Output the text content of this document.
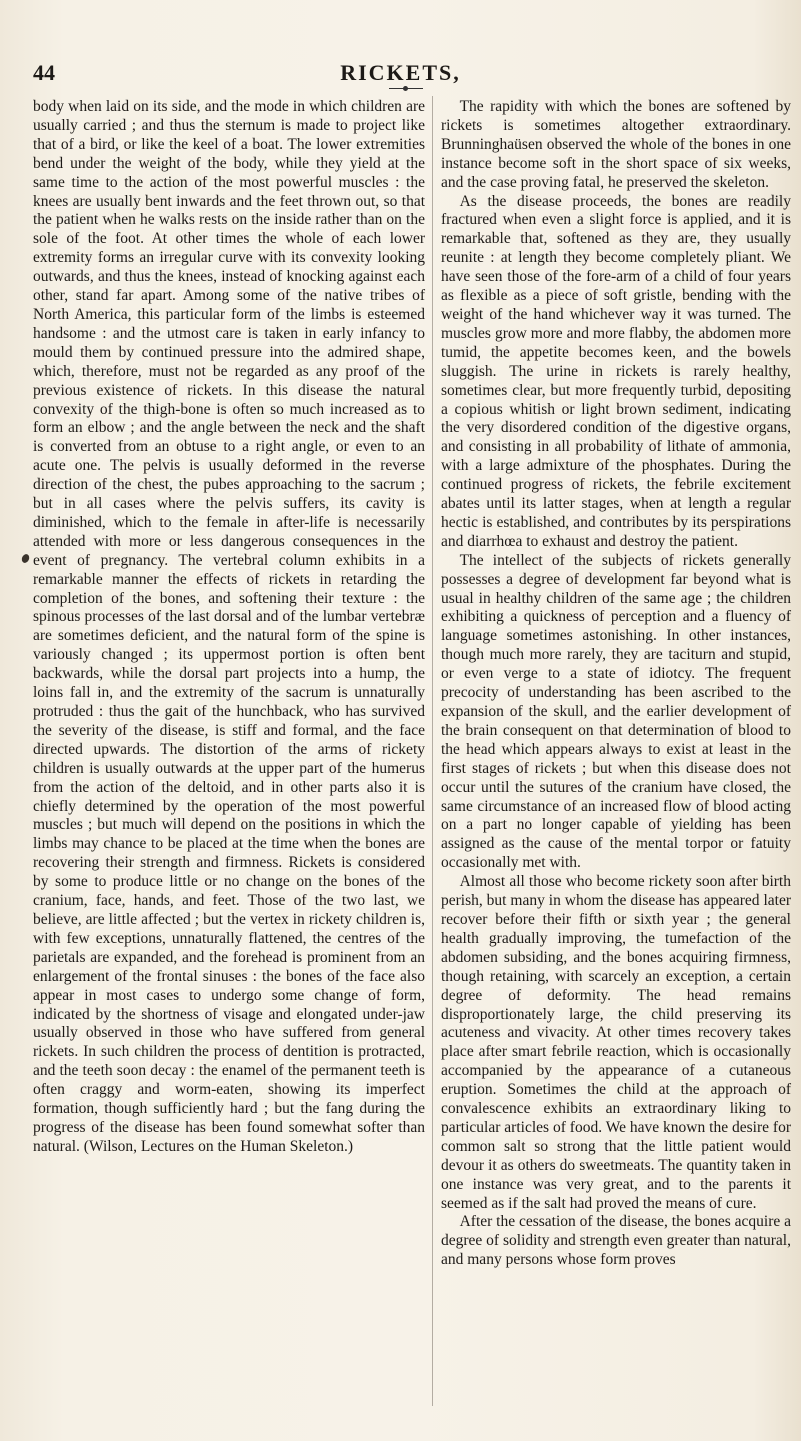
44	RICKETS,

body when laid on its side, and the mode in which children are usually carried ; and thus the sternum is made to project like that of a bird, or like the keel of a boat. The lower extremities bend under the weight of the body, while they yield at the same time to the action of the most powerful muscles : the knees are usually bent inwards and the feet thrown out, so that the patient when he walks rests on the inside rather than on the sole of the foot. At other times the whole of each lower extremity forms an irregular curve with its convexity looking outwards, and thus the knees, instead of knocking against each other, stand far apart. Among some of the native tribes of North America, this particular form of the limbs is esteemed handsome : and the utmost care is taken in early infancy to mould them by continued pressure into the admired shape, which, therefore, must not be regarded as any proof of the previous existence of rickets. In this disease the natural convexity of the thigh-bone is often so much increased as to form an elbow ; and the angle between the neck and the shaft is converted from an obtuse to a right angle, or even to an acute one. The pelvis is usually deformed in the reverse direction of the chest, the pubes approaching to the sacrum ; but in all cases where the pelvis suffers, its cavity is diminished, which to the female in after-life is necessarily attended with more or less dangerous consequences in the event of pregnancy. The vertebral column exhibits in a remarkable manner the effects of rickets in retarding the completion of the bones, and softening their texture : the spinous processes of the last dorsal and of the lumbar vertebræ are sometimes deficient, and the natural form of the spine is variously changed ; its uppermost portion is often bent backwards, while the dorsal part projects into a hump, the loins fall in, and the extremity of the sacrum is unnaturally protruded : thus the gait of the hunchback, who has survived the severity of the disease, is stiff and formal, and the face directed upwards. The distortion of the arms of rickety children is usually outwards at the upper part of the humerus from the action of the deltoid, and in other parts also it is chiefly determined by the operation of the most powerful muscles ; but much will depend on the positions in which the limbs may chance to be placed at the time when the bones are recovering their strength and firmness. Rickets is considered by some to produce little or no change on the bones of the cranium, face, hands, and feet. Those of the two last, we believe, are little affected ; but the vertex in rickety children is, with few exceptions, unnaturally flattened, the centres of the parietals are expanded, and the forehead is prominent from an enlargement of the frontal sinuses : the bones of the face also appear in most cases to undergo some change of form, indicated by the shortness of visage and elongated under-jaw usually observed in those who have suffered from general rickets. In such children the process of dentition is protracted, and the teeth soon decay : the enamel of the permanent teeth is often craggy and worm-eaten, showing its imperfect formation, though sufficiently hard ; but the fang during the progress of the disease has been found somewhat softer than natural. (Wilson, Lectures on the Human Skeleton.)

The rapidity with which the bones are softened by rickets is sometimes altogether extraordinary. Brunninghaüsen observed the whole of the bones in one instance become soft in the short space of six weeks, and the case proving fatal, he preserved the skeleton.

As the disease proceeds, the bones are readily fractured when even a slight force is applied, and it is remarkable that, softened as they are, they usually reunite : at length they become completely pliant. We have seen those of the fore-arm of a child of four years as flexible as a piece of soft gristle, bending with the weight of the hand whichever way it was turned. The muscles grow more and more flabby, the abdomen more tumid, the appetite becomes keen, and the bowels sluggish. The urine in rickets is rarely healthy, sometimes clear, but more frequently turbid, depositing a copious whitish or light brown sediment, indicating the very disordered condition of the digestive organs, and consisting in all probability of lithate of ammonia, with a large admixture of the phosphates. During the continued progress of rickets, the febrile excitement abates until its latter stages, when at length a regular hectic is established, and contributes by its perspirations and diarrhœa to exhaust and destroy the patient.

The intellect of the subjects of rickets generally possesses a degree of development far beyond what is usual in healthy children of the same age ; the children exhibiting a quickness of perception and a fluency of language sometimes astonishing. In other instances, though much more rarely, they are taciturn and stupid, or even verge to a state of idiotcy. The frequent precocity of understanding has been ascribed to the expansion of the skull, and the earlier development of the brain consequent on that determination of blood to the head which appears always to exist at least in the first stages of rickets ; but when this disease does not occur until the sutures of the cranium have closed, the same circumstance of an increased flow of blood acting on a part no longer capable of yielding has been assigned as the cause of the mental torpor or fatuity occasionally met with.

Almost all those who become rickety soon after birth perish, but many in whom the disease has appeared later recover before their fifth or sixth year ; the general health gradually improving, the tumefaction of the abdomen subsiding, and the bones acquiring firmness, though retaining, with scarcely an exception, a certain degree of deformity. The head remains disproportionately large, the child preserving its acuteness and vivacity. At other times recovery takes place after smart febrile reaction, which is occasionally accompanied by the appearance of a cutaneous eruption. Sometimes the child at the approach of convalescence exhibits an extraordinary liking to particular articles of food. We have known the desire for common salt so strong that the little patient would devour it as others do sweetmeats. The quantity taken in one instance was very great, and to the parents it seemed as if the salt had proved the means of cure.

After the cessation of the disease, the bones acquire a degree of solidity and strength even greater than natural, and many persons whose form proves
